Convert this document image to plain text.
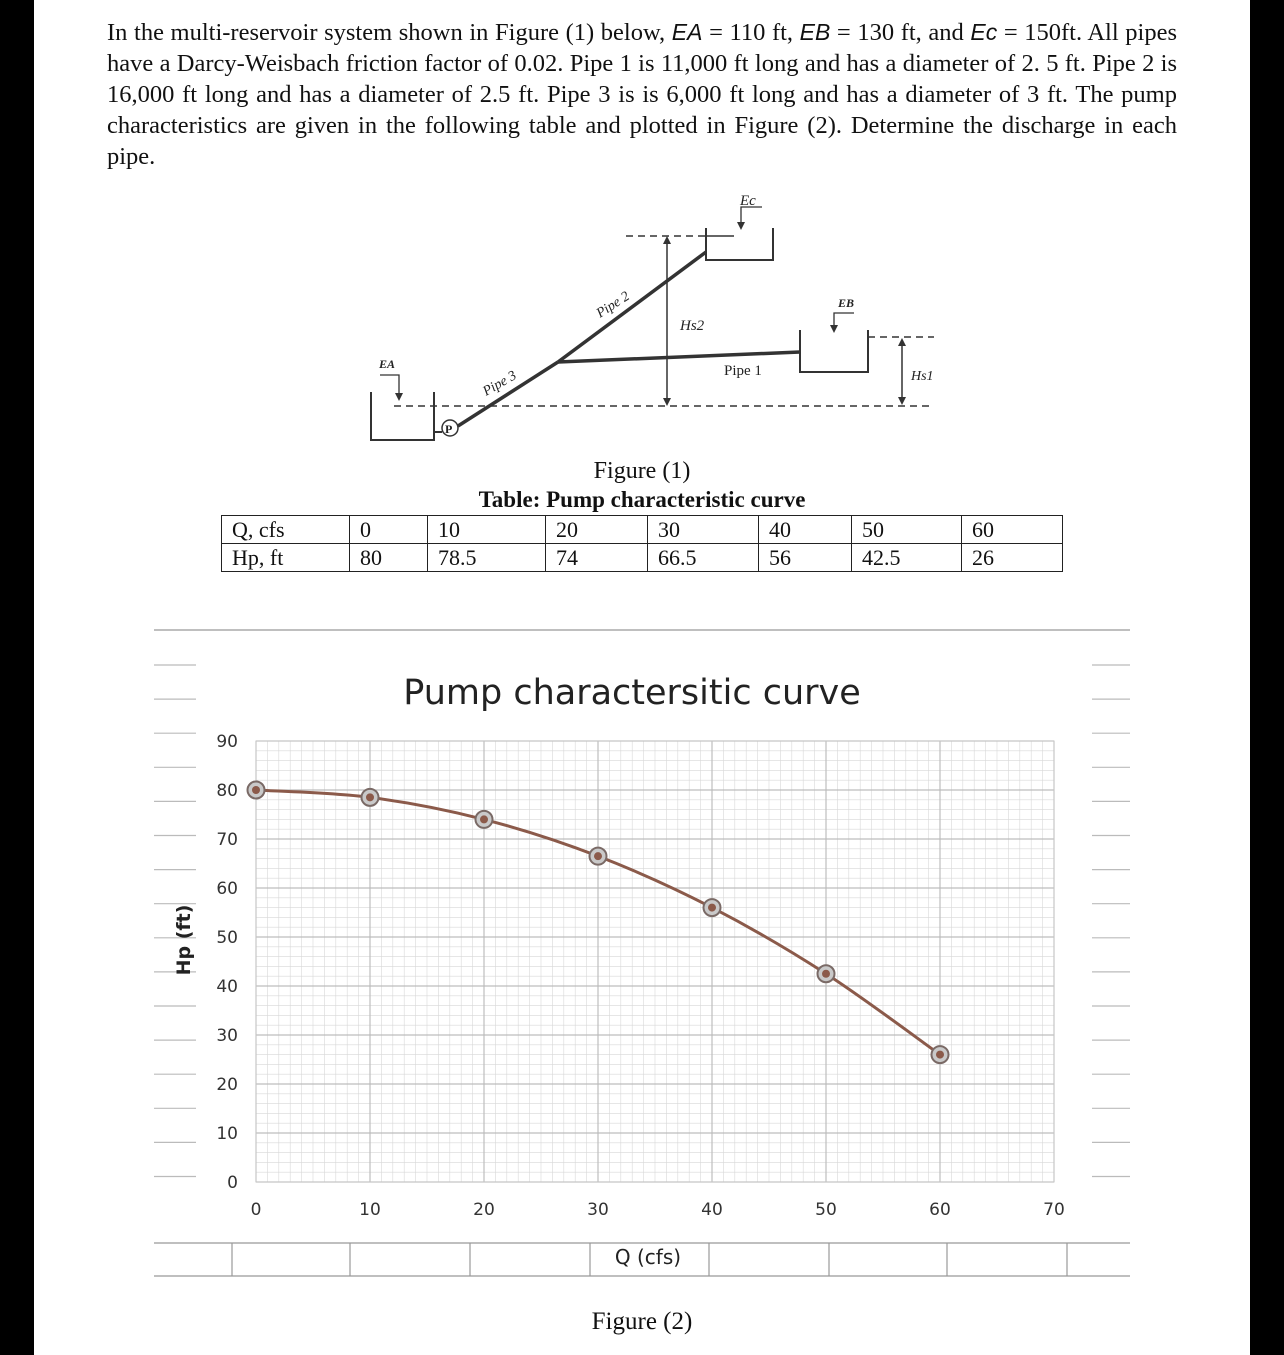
In the multi-reservoir system shown in Figure (1) below, EA = 110 ft, EB = 130 ft, and Ec = 150ft. All pipes have a Darcy-Weisbach friction factor of 0.02. Pipe 1 is 11,000 ft long and has a diameter of 2. 5 ft. Pipe 2 is 16,000 ft long and has a diameter of 2.5 ft. Pipe 3 is is 6,000 ft long and has a diameter of 3 ft. The pump characteristics are given in the following table and plotted in Figure (2). Determine the discharge in each pipe.

Ec
EB
EA
Hs2
Hs1
Pipe 1
Pipe 2
Pipe 3
P
Figure (1)
Table: Pump characteristic curve
Q, cfs	0	10	20	30	40	50	60
Hp, ft	80	78.5	74	66.5	56	42.5	26
0	10	20	30	40	50	60	70
0
10
20
30
40
50
60
70
80
90
Pump charactersitic curve
Q (cfs)
Hp (ft)
Figure (2)
